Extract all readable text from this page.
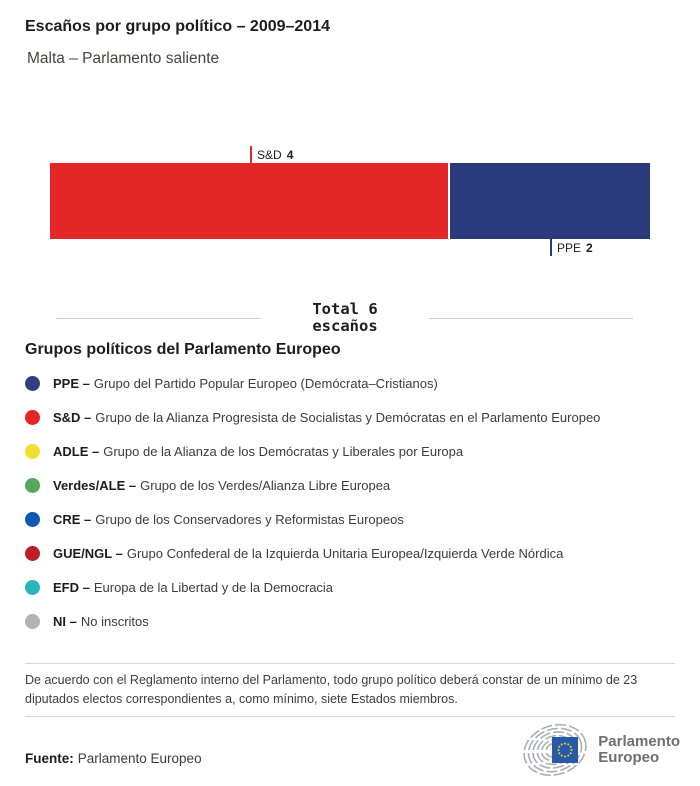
Escaños por grupo político – 2009–2014
Malta – Parlamento saliente
S&D 4
PPE 2
Total 6
escaños
Grupos políticos del Parlamento Europeo
PPE – Grupo del Partido Popular Europeo (Demócrata–Cristianos)
S&D – Grupo de la Alianza Progresista de Socialistas y Demócratas en el Parlamento Europeo
ADLE – Grupo de la Alianza de los Demócratas y Liberales por Europa
Verdes/ALE – Grupo de los Verdes/Alianza Libre Europea
CRE – Grupo de los Conservadores y Reformistas Europeos
GUE/NGL – Grupo Confederal de la Izquierda Unitaria Europea/Izquierda Verde Nórdica
EFD – Europa de la Libertad y de la Democracia
NI – No inscritos

De acuerdo con el Reglamento interno del Parlamento, todo grupo político deberá constar de un mínimo de 23 diputados electos correspondientes a, como mínimo, siete Estados miembros.

Fuente: Parlamento Europeo

Parlamento
Europeo
